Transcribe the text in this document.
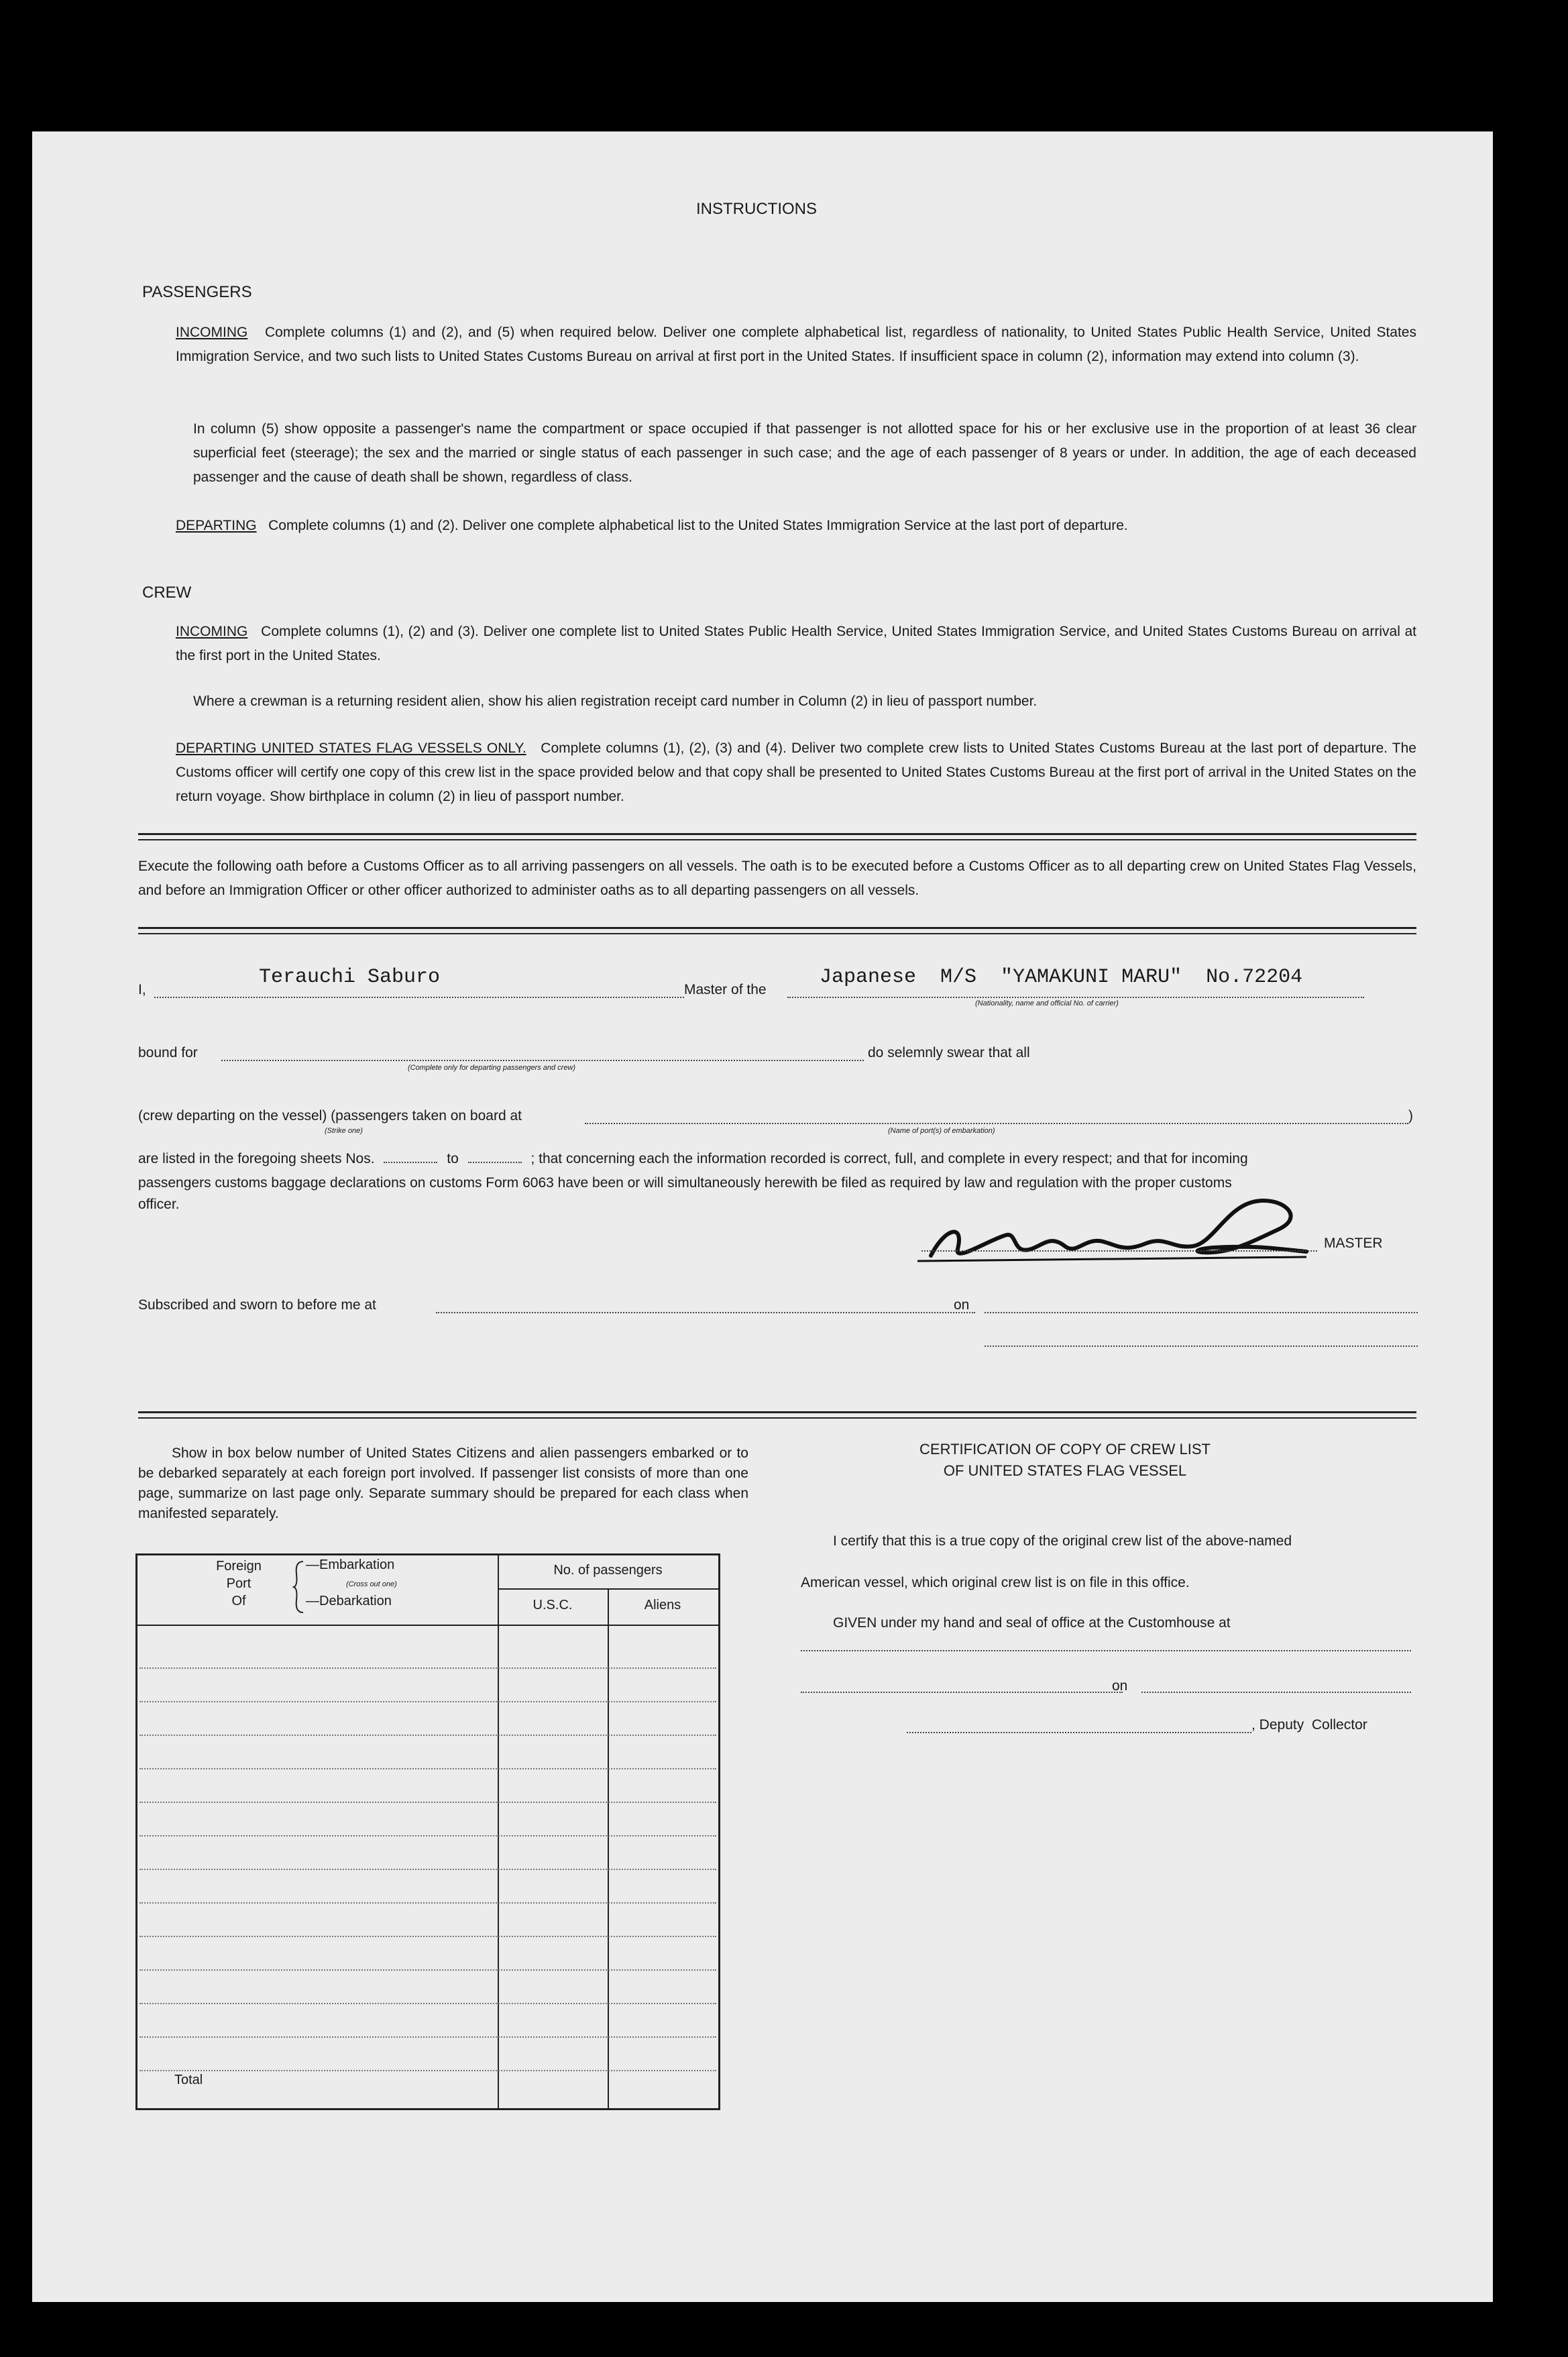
INSTRUCTIONS
PASSENGERS
INCOMING Complete columns (1) and (2), and (5) when required below. Deliver one complete alphabetical list, regardless of nationality, to United States Public Health Service, United States Immigration Service, and two such lists to United States Customs Bureau on arrival at first port in the United States. If insufficient space in column (2), information may extend into column (3).
In column (5) show opposite a passenger's name the compartment or space occupied if that passenger is not allotted space for his or her exclusive use in the proportion of at least 36 clear superficial feet (steerage); the sex and the married or single status of each passenger in such case; and the age of each passenger of 8 years or under. In addition, the age of each deceased passenger and the cause of death shall be shown, regardless of class.
DEPARTING Complete columns (1) and (2). Deliver one complete alphabetical list to the United States Immigration Service at the last port of departure.
CREW
INCOMING Complete columns (1), (2) and (3). Deliver one complete list to United States Public Health Service, United States Immigration Service, and United States Customs Bureau on arrival at the first port in the United States.
Where a crewman is a returning resident alien, show his alien registration receipt card number in Column (2) in lieu of passport number.
DEPARTING UNITED STATES FLAG VESSELS ONLY. Complete columns (1), (2), (3) and (4). Deliver two complete crew lists to United States Customs Bureau at the last port of departure. The Customs officer will certify one copy of this crew list in the space provided below and that copy shall be presented to United States Customs Bureau at the first port of arrival in the United States on the return voyage. Show birthplace in column (2) in lieu of passport number.
Execute the following oath before a Customs Officer as to all arriving passengers on all vessels. The oath is to be executed before a Customs Officer as to all departing crew on United States Flag Vessels, and before an Immigration Officer or other officer authorized to administer oaths as to all departing passengers on all vessels.
I,
Terauchi Saburo
Master of the
Japanese  M/S  "YAMAKUNI MARU"  No.72204
(Nationality, name and official No. of carrier)
bound for
(Complete only for departing passengers and crew)
do selemnly swear that all
(crew departing on the vessel) (passengers taken on board at	)
(Strike one)	(Name of port(s) of embarkation)
are listed in the foregoing sheets Nos.	to	; that concerning each the information recorded is correct, full, and complete in every respect; and that for incoming
passengers customs baggage declarations on customs Form 6063 have been or will simultaneously herewith be filed as required by law and regulation with the proper customs
officer.
MASTER
Subscribed and sworn to before me at	on
Show in box below number of United States Citizens and alien passengers embarked or to be debarked separately at each foreign port involved. If passenger list consists of more than one page, summarize on last page only. Separate summary should be prepared for each class when manifested separately.
Foreign
Port
Of
—Embarkation
(Cross out one)
—Debarkation
No. of passengers
U.S.C.	Aliens
Total
CERTIFICATION OF COPY OF CREW LIST
OF UNITED STATES FLAG VESSEL
I certify that this is a true copy of the original crew list of the above-named
American vessel, which original crew list is on file in this office.
GIVEN under my hand and seal of office at the Customhouse at
on
, Deputy  Collector
